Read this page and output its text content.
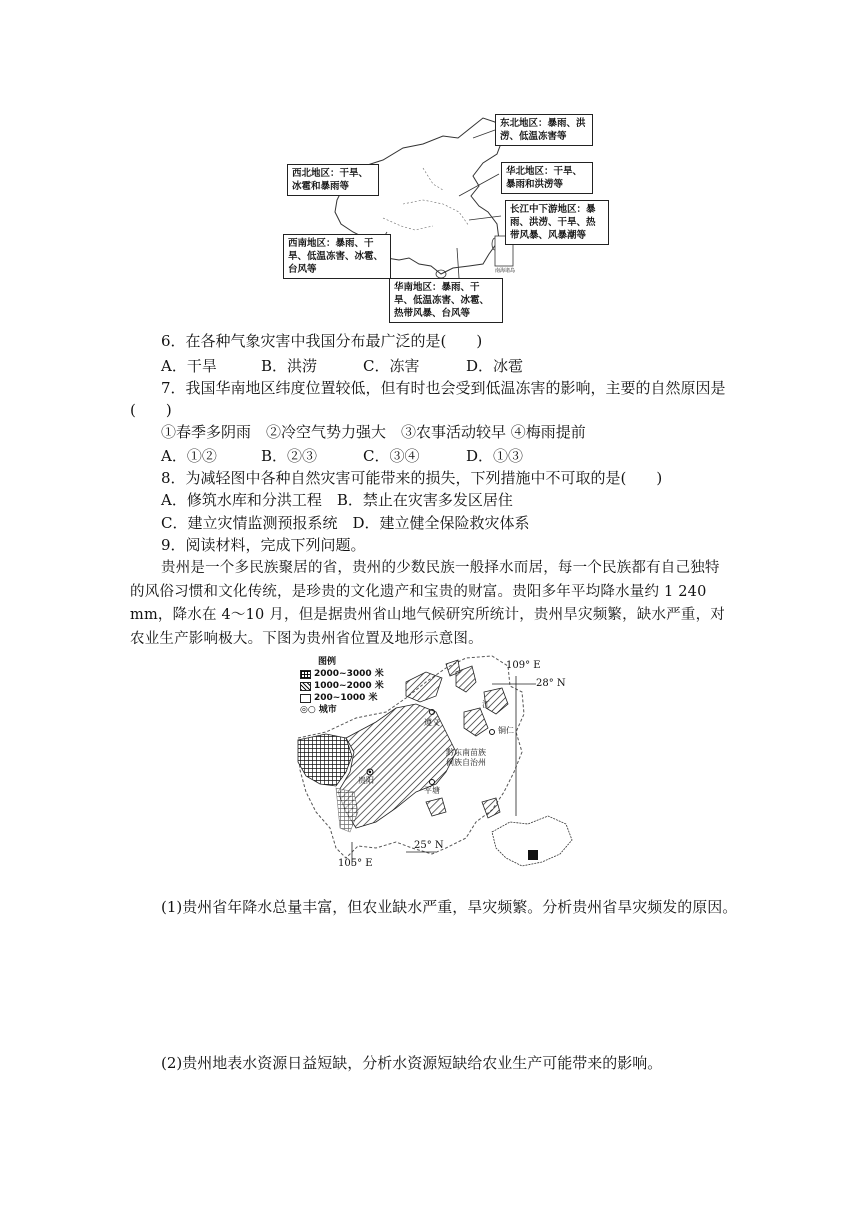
东北地区：暴雨、洪涝、低温冻害等
西北地区：干旱、冰雹和暴雨等
华北地区：干旱、暴雨和洪涝等
长江中下游地区：暴雨、洪涝、干旱、热带风暴、风暴潮等
西南地区：暴雨、干旱、低温冻害、冰雹、台风等
华南地区：暴雨、干旱、低温冻害、冰雹、热带风暴、台风等
南海诸岛
6．在各种气象灾害中我国分布最广泛的是(　　)
A．干旱	B．洪涝	C．冻害	D．冰雹
7．我国华南地区纬度位置较低，但有时也会受到低温冻害的影响，主要的自然原因是
(　　)
①春季多阴雨　②冷空气势力强大　③农事活动较早 ④梅雨提前
A．①②	B．②③	C．③④	D．①③
8．为减轻图中各种自然灾害可能带来的损失，下列措施中不可取的是(　　)
A．修筑水库和分洪工程　B．禁止在灾害多发区居住
C．建立灾情监测预报系统　D．建立健全保险救灾体系
9．阅读材料，完成下列问题。
贵州是一个多民族聚居的省，贵州的少数民族一般择水而居，每一个民族都有自己独特
的风俗习惯和文化传统，是珍贵的文化遗产和宝贵的财富。贵阳多年平均降水量约 1 240
mm，降水在 4～10 月，但是据贵州省山地气候研究所统计，贵州旱灾频繁，缺水严重，对
农业生产影响极大。下图为贵州省位置及地形示意图。
图例
2000~3000 米
1000~2000 米
200~1000 米
◎○ 城市
109° E
28° N
105° E
25° N
遵义
江
铜仁
黔东南苗族侗族自治州
贵阳
平塘
(1)贵州省年降水总量丰富，但农业缺水严重，旱灾频繁。分析贵州省旱灾频发的原因。
(2)贵州地表水资源日益短缺，分析水资源短缺给农业生产可能带来的影响。
